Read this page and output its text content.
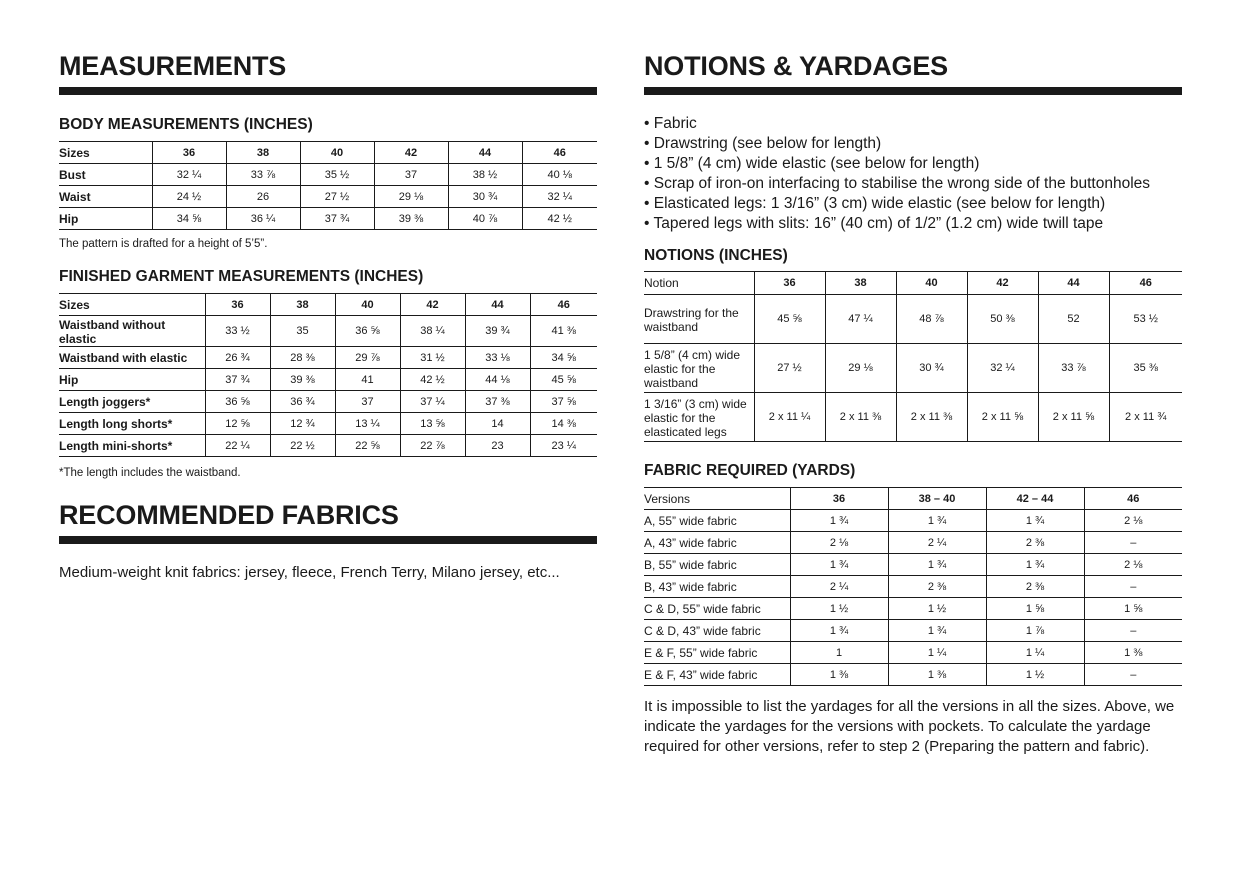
MEASUREMENTS
BODY MEASUREMENTS (INCHES)
Sizes	36	38	40	42	44	46
Bust	32 ¼	33 ⅞	35 ½	37	38 ½	40 ⅛
Waist	24 ½	26	27 ½	29 ⅛	30 ¾	32 ¼
Hip	34 ⅝	36 ¼	37 ¾	39 ⅜	40 ⅞	42 ½
The pattern is drafted for a height of 5’5”.
FINISHED GARMENT MEASUREMENTS (INCHES)
Sizes	36	38	40	42	44	46
Waistband without elastic	33 ½	35	36 ⅝	38 ¼	39 ¾	41 ⅜
Waistband with elastic	26 ¾	28 ⅜	29 ⅞	31 ½	33 ⅛	34 ⅝
Hip	37 ¾	39 ⅜	41	42 ½	44 ⅛	45 ⅝
Length joggers*	36 ⅝	36 ¾	37	37 ¼	37 ⅜	37 ⅝
Length long shorts*	12 ⅝	12 ¾	13 ¼	13 ⅝	14	14 ⅜
Length mini-shorts*	22 ¼	22 ½	22 ⅝	22 ⅞	23	23 ¼
*The length includes the waistband.
RECOMMENDED FABRICS

Medium-weight knit fabrics: jersey, fleece, French Terry, Milano jersey, etc...

NOTIONS & YARDAGES
• Fabric
• Drawstring (see below for length)
• 1 5/8” (4 cm) wide elastic (see below for length)
• Scrap of iron-on interfacing to stabilise the wrong side of the buttonholes
• Elasticated legs: 1 3/16” (3 cm) wide elastic (see below for length)
• Tapered legs with slits: 16” (40 cm) of 1/2” (1.2 cm) wide twill tape
NOTIONS (INCHES)
Notion	36	38	40	42	44	46
Drawstring for the waistband	45 ⅝	47 ¼	48 ⅞	50 ⅜	52	53 ½
1 5/8” (4 cm) wide elastic for the waistband	27 ½	29 ⅛	30 ¾	32 ¼	33 ⅞	35 ⅜
1 3/16” (3 cm) wide elastic for the elasticated legs	2 x 11 ¼	2 x 11 ⅜	2 x 11 ⅜	2 x 11 ⅝	2 x 11 ⅝	2 x 11 ¾
FABRIC REQUIRED (YARDS)
Versions	36	38 – 40	42 – 44	46
A, 55” wide fabric	1 ¾	1 ¾	1 ¾	2 ⅛
A, 43” wide fabric	2 ⅛	2 ¼	2 ⅜	–
B, 55” wide fabric	1 ¾	1 ¾	1 ¾	2 ⅛
B, 43” wide fabric	2 ¼	2 ⅜	2 ⅜	–
C & D, 55” wide fabric	1 ½	1 ½	1 ⅝	1 ⅝
C & D, 43” wide fabric	1 ¾	1 ¾	1 ⅞	–
E & F, 55” wide fabric	1	1 ¼	1 ¼	1 ⅜
E & F, 43” wide fabric	1 ⅜	1 ⅜	1 ½	–

It is impossible to list the yardages for all the versions in all the sizes. Above, we indicate the yardages for the versions with pockets. To calculate the yardage required for other versions, refer to step 2 (Preparing the pattern and fabric).
